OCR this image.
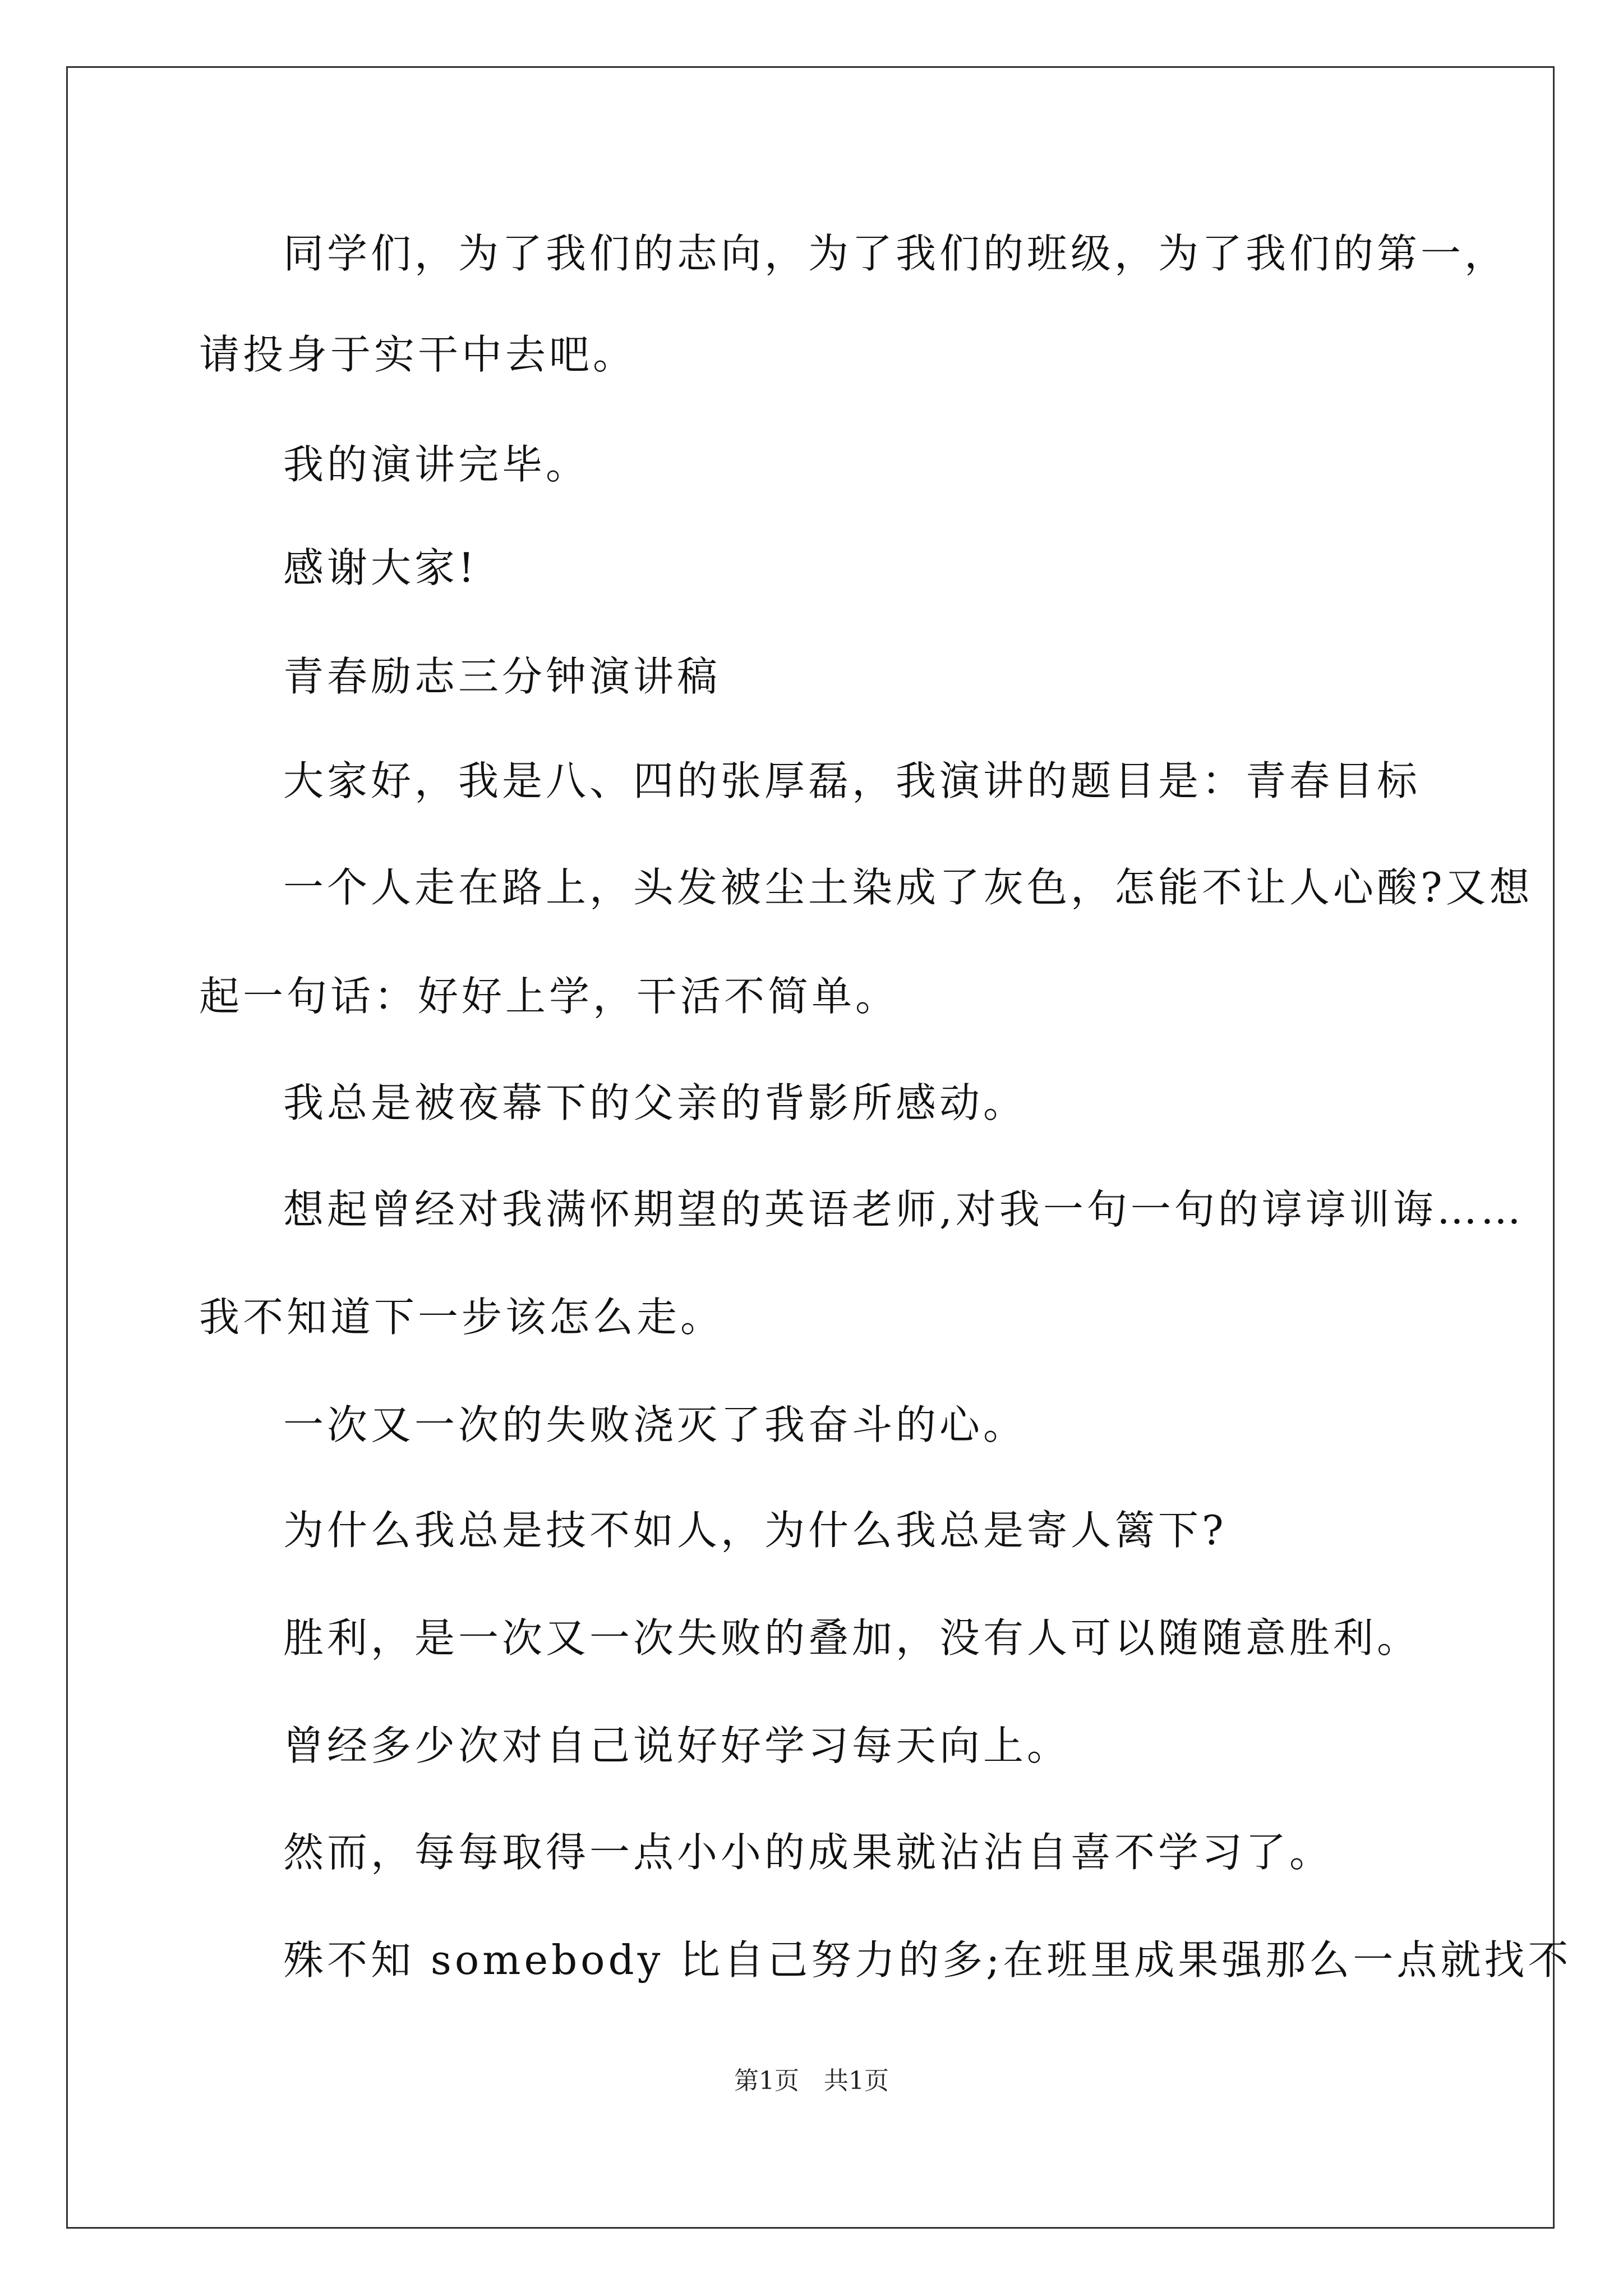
同学们，为了我们的志向，为了我们的班级，为了我们的第一，

请投身于实干中去吧。

我的演讲完毕。

感谢大家!

青春励志三分钟演讲稿

大家好，我是八、四的张厚磊，我演讲的题目是：青春目标

一个人走在路上，头发被尘土染成了灰色，怎能不让人心酸?又想

起一句话：好好上学，干活不简单。

我总是被夜幕下的父亲的背影所感动。

想起曾经对我满怀期望的英语老师,对我一句一句的谆谆训诲……

我不知道下一步该怎么走。

一次又一次的失败浇灭了我奋斗的心。

为什么我总是技不如人，为什么我总是寄人篱下?

胜利，是一次又一次失败的叠加，没有人可以随随意胜利。

曾经多少次对自己说好好学习每天向上。

然而，每每取得一点小小的成果就沾沾自喜不学习了。

殊不知 somebody 比自己努力的多;在班里成果强那么一点就找不

第1页　共1页
